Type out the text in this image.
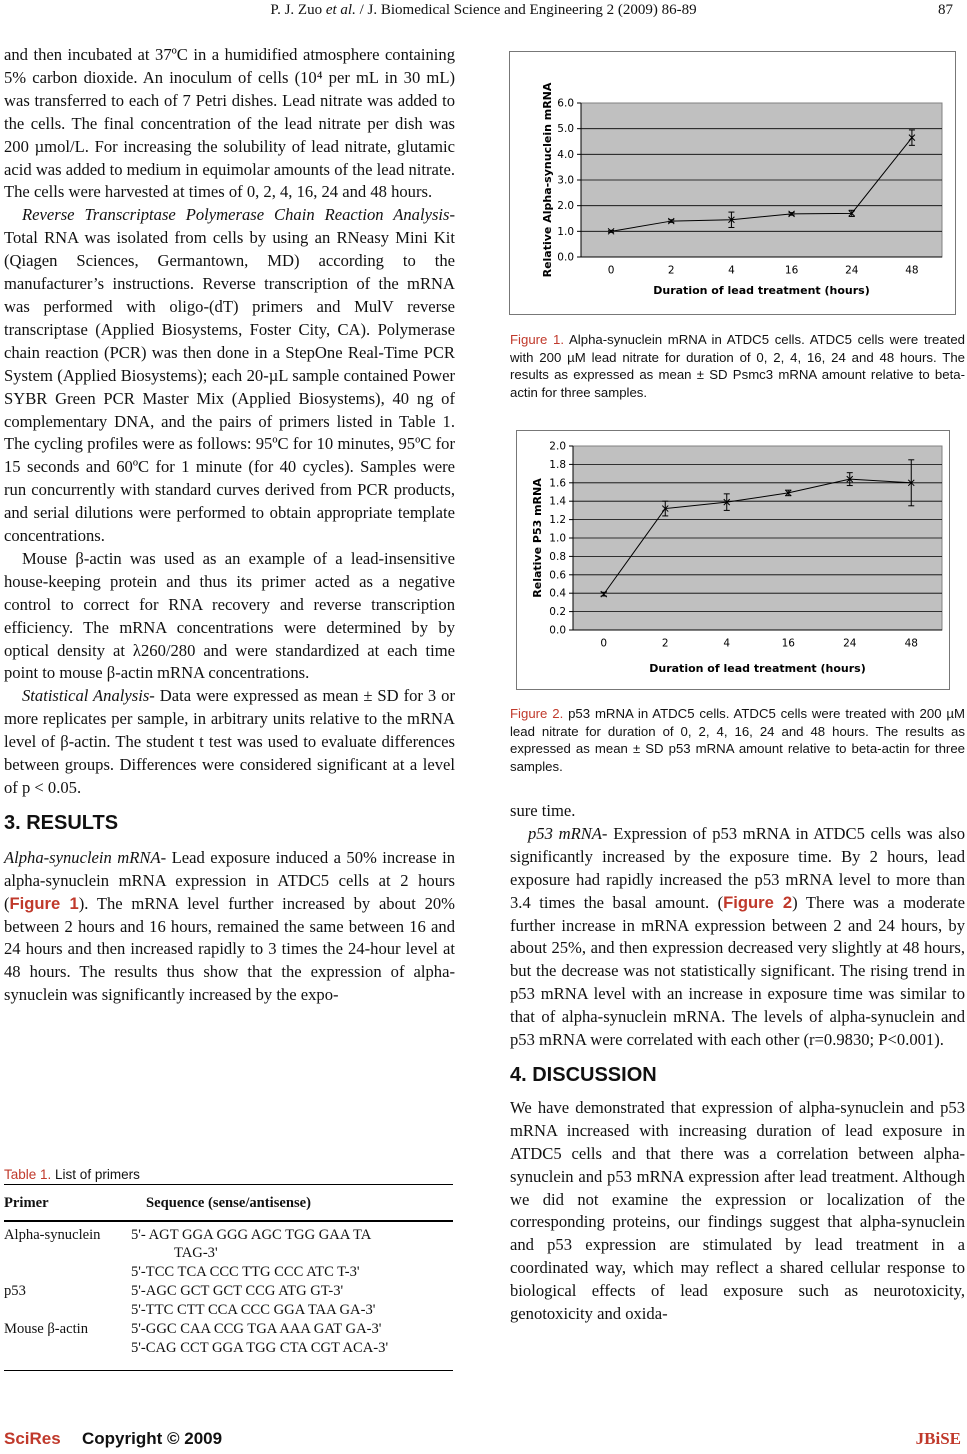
P. J. Zuo et al. / J. Biomedical Science and Engineering 2 (2009) 86-89	87

and then incubated at 37ºC in a humidified atmosphere containing 5% carbon dioxide. An inoculum of cells (10⁴ per mL in 30 mL) was transferred to each of 7 Petri dishes. Lead nitrate was added to the cells. The final concentration of the lead nitrate per dish was 200 µmol/L. For increasing the solubility of lead nitrate, glutamic acid was added to medium in equimolar amounts of the lead nitrate. The cells were harvested at times of 0, 2, 4, 16, 24 and 48 hours.

Reverse Transcriptase Polymerase Chain Reaction Analysis- Total RNA was isolated from cells by using an RNeasy Mini Kit (Qiagen Sciences, Germantown, MD) according to the manufacturer’s instructions. Reverse transcription of the mRNA was performed with oligo-(dT) primers and MulV reverse transcriptase (Applied Biosystems, Foster City, CA). Polymerase chain reaction (PCR) was then done in a StepOne Real-Time PCR System (Applied Biosystems); each 20-µL sample contained Power SYBR Green PCR Master Mix (Applied Biosystems), 40 ng of complementary DNA, and the pairs of primers listed in Table 1. The cycling profiles were as follows: 95ºC for 10 minutes, 95ºC for 15 seconds and 60ºC for 1 minute (for 40 cycles). Samples were run concurrently with standard curves derived from PCR products, and serial dilutions were performed to obtain appropriate template concentrations.

Mouse β-actin was used as an example of a lead-insensitive house-keeping protein and thus its primer acted as a negative control to correct for RNA recovery and reverse transcription efficiency. The mRNA concentrations were determined by by optical density at λ260/280 and were standardized at each time point to mouse β-actin mRNA concentrations.

Statistical Analysis- Data were expressed as mean ± SD for 3 or more replicates per sample, in arbitrary units relative to the mRNA level of β-actin. The student t test was used to evaluate differences between groups. Differences were considered significant at a level of p < 0.05.

3. RESULTS

Alpha-synuclein mRNA- Lead exposure induced a 50% increase in alpha-synuclein mRNA expression in ATDC5 cells at 2 hours (Figure 1). The mRNA level further increased by about 20% between 2 hours and 16 hours, remained the same between 16 and 24 hours and then increased rapidly to 3 times the 24-hour level at 48 hours. The results thus show that the expression of alpha-synuclein was significantly increased by the expo-

Table 1. List of primers
Primer	Sequence (sense/antisense)
Alpha-synuclein 5'- AGT GGA GGG AGC TGG GAA TA
TAG-3'
5'-TCC TCA CCC TTG CCC ATC T-3'
p53	5'-AGC GCT GCT CCG ATG GT-3'
5'-TTC CTT CCA CCC GGA TAA GA-3'
Mouse β-actin	5'-GGC CAA CCG TGA AAA GAT GA-3'
5'-CAG CCT GGA TGG CTA CGT ACA-3'
0.0
1.0
2.0
3.0
4.0
5.0
6.0
0	2	4	16	24	48
Duration of lead treatment (hours)
Relative Alpha-synuclein mRNA
Figure 1. Alpha-synuclein mRNA in ATDC5 cells. ATDC5 cells were treated with 200 µM lead nitrate for duration of 0, 2, 4, 16, 24 and 48 hours. The results as expressed as mean ± SD Psmc3 mRNA amount relative to beta-actin for three samples.
0.0
0.2
0.4
0.6
0.8
1.0
1.2
1.4
1.6
1.8
2.0
0	2	4	16	24	48
Duration of lead treatment (hours)
Relative P53 mRNA
Figure 2. p53 mRNA in ATDC5 cells. ATDC5 cells were treated with 200 µM lead nitrate for duration of 0, 2, 4, 16, 24 and 48 hours. The results as expressed as mean ± SD p53 mRNA amount relative to beta-actin for three samples.

sure time.

p53 mRNA- Expression of p53 mRNA in ATDC5 cells was also significantly increased by the exposure time. By 2 hours, lead exposure had rapidly increased the p53 mRNA level to more than 3.4 times the basal amount. (Figure 2) There was a moderate further increase in mRNA expression between 2 and 24 hours, by about 25%, and then expression decreased very slightly at 48 hours, but the decrease was not statistically significant. The rising trend in p53 mRNA level with an increase in exposure time was similar to that of alpha-synuclein mRNA. The levels of alpha-synuclein and p53 mRNA were correlated with each other (r=0.9830; P<0.001).

4. DISCUSSION

We have demonstrated that expression of alpha-synuclein and p53 mRNA increased with increasing duration of lead exposure in ATDC5 cells and that there was a correlation between alpha-synuclein and p53 mRNA expression after lead treatment. Although we did not examine the expression or localization of the corresponding proteins, our findings suggest that alpha-synuclein and p53 expression are stimulated by lead treatment in a coordinated way, which may reflect a shared cellular response to biological effects of lead exposure such as neurotoxicity, genotoxicity and oxida-

SciRes Copyright © 2009	JBiSE
